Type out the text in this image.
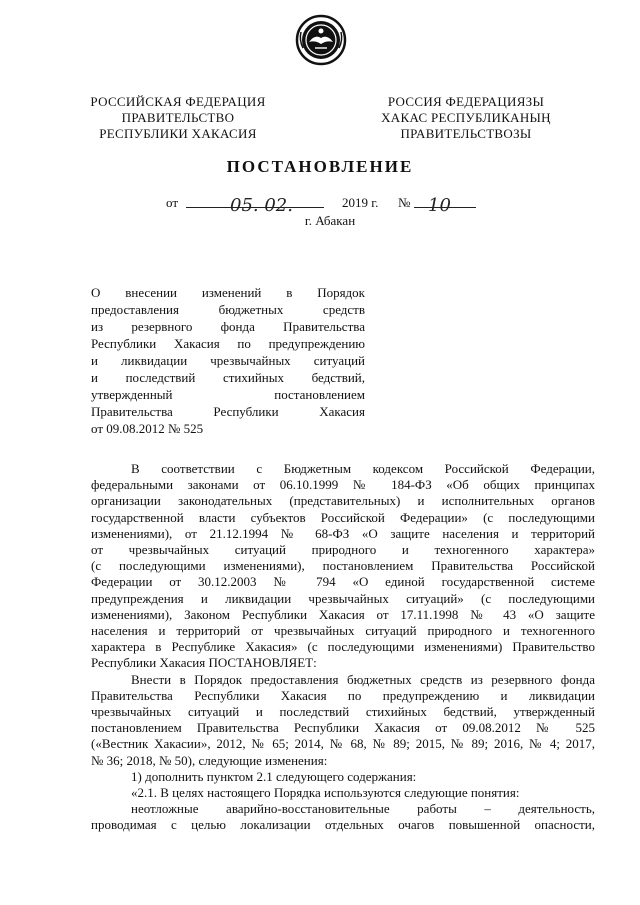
РОССИЙСКАЯ ФЕДЕРАЦИЯ
ПРАВИТЕЛЬСТВО
РЕСПУБЛИКИ ХАКАСИЯ
РОССИЯ ФЕДЕРАЦИЯЗЫ
ХАКАС РЕСПУБЛИКАНЫҢ
ПРАВИТЕЛЬСТВОЗЫ
ПОСТАНОВЛЕНИЕ
от	05. 02.	2019 г. № 10
г. Абакан
О внесении изменений в Порядок
предоставления бюджетных средств
из резервного фонда Правительства
Республики Хакасия по предупреждению
и ликвидации чрезвычайных ситуаций
и последствий стихийных бедствий,
утвержденный постановлением
Правительства Республики Хакасия
от 09.08.2012 № 525
В соответствии с Бюджетным кодексом Российской Федерации,
федеральными законами от 06.10.1999 № 184-ФЗ «Об общих принципах
организации законодательных (представительных) и исполнительных органов
государственной власти субъектов Российской Федерации» (с последующими
изменениями), от 21.12.1994 № 68-ФЗ «О защите населения и территорий
от чрезвычайных ситуаций природного и техногенного характера»
(с последующими изменениями), постановлением Правительства Российской
Федерации от 30.12.2003 № 794 «О единой государственной системе
предупреждения и ликвидации чрезвычайных ситуаций» (с последующими
изменениями), Законом Республики Хакасия от 17.11.1998 № 43 «О защите
населения и территорий от чрезвычайных ситуаций природного и техногенного
характера в Республике Хакасия» (с последующими изменениями) Правительство
Республики Хакасия ПОСТАНОВЛЯЕТ:
Внести в Порядок предоставления бюджетных средств из резервного фонда
Правительства Республики Хакасия по предупреждению и ликвидации
чрезвычайных ситуаций и последствий стихийных бедствий, утвержденный
постановлением Правительства Республики Хакасия от 09.08.2012 № 525
(«Вестник Хакасии», 2012, № 65; 2014, № 68, № 89; 2015, № 89; 2016, № 4; 2017,
№ 36; 2018, № 50), следующие изменения:
1) дополнить пунктом 2.1 следующего содержания:
«2.1. В целях настоящего Порядка используются следующие понятия:
неотложные аварийно-восстановительные работы – деятельность,
проводимая с целью локализации отдельных очагов повышенной опасности,
